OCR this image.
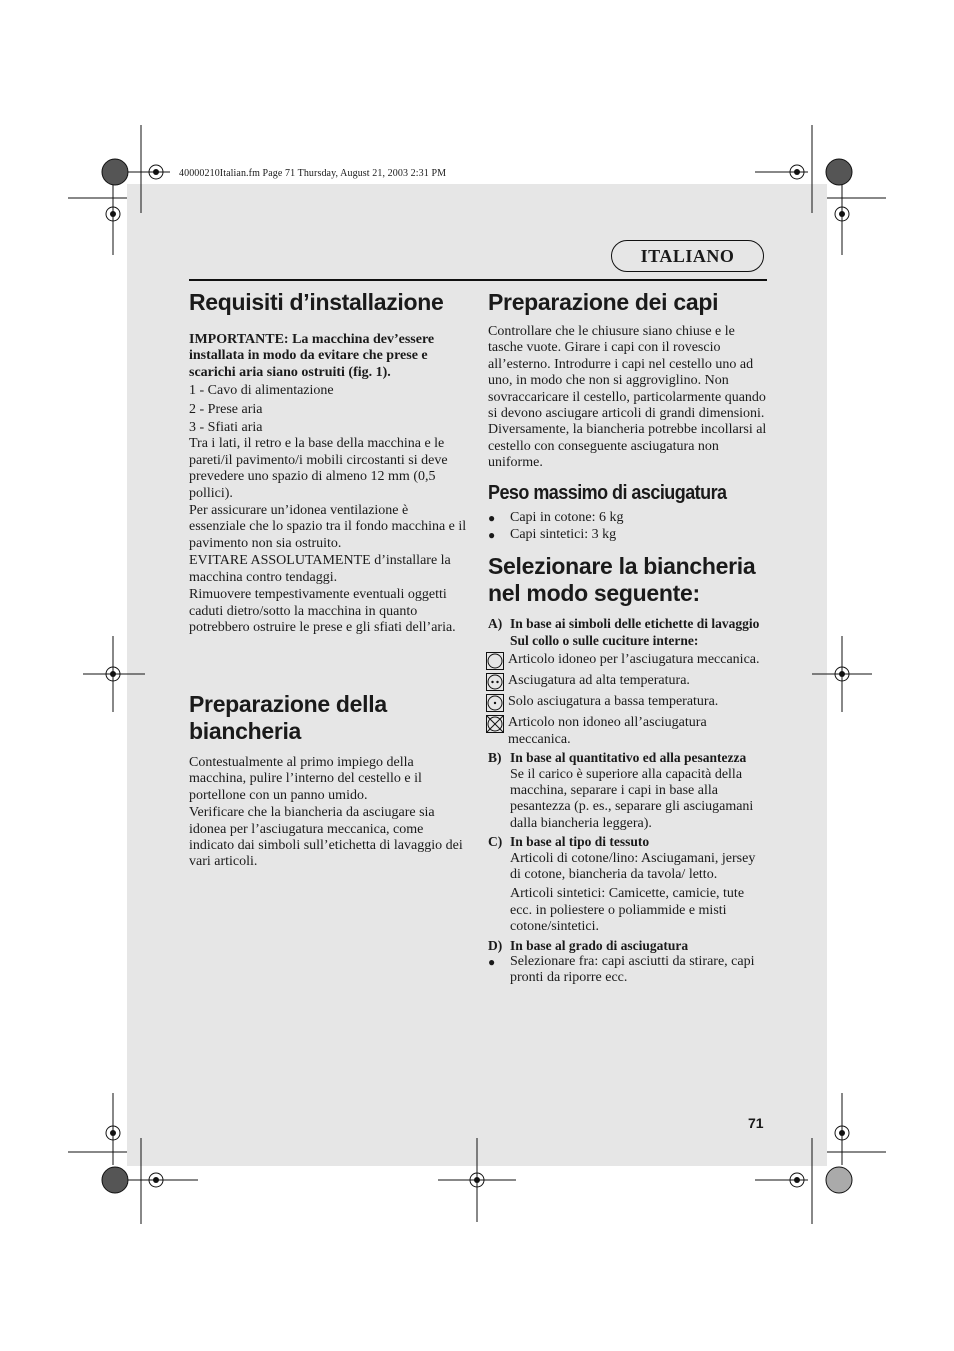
40000210Italian.fm Page 71 Thursday, August 21, 2003 2:31 PM
ITALIANO
Requisiti d’installazione

IMPORTANTE: La macchina dev’essere installata in modo da evitare che prese e scarichi aria siano ostruiti (fig. 1).

1 - Cavo di alimentazione

2 - Prese aria

3 - Sfiati aria

Tra i lati, il retro e la base della macchina e le pareti/il pavimento/i mobili circostanti si deve prevedere uno spazio di almeno 12 mm (0,5 pollici).

Per assicurare un’idonea ventilazione è essenziale che lo spazio tra il fondo macchina e il pavimento non sia ostruito.

EVITARE ASSOLUTAMENTE d’installare la macchina contro tendaggi.

Rimuovere tempestivamente eventuali oggetti caduti dietro/sotto la macchina in quanto potrebbero ostruire le prese e gli sfiati dell’aria.

Preparazione della biancheria

Contestualmente al primo impiego della macchina, pulire l’interno del cestello e il portellone con un panno umido.

Verificare che la biancheria da asciugare sia idonea per l’asciugatura meccanica, come indicato dai simboli sull’etichetta di lavaggio dei vari articoli.

Preparazione dei capi

Controllare che le chiusure siano chiuse e le tasche vuote. Girare i capi con il rovescio all’esterno. Introdurre i capi nel cestello uno ad uno, in modo che non si aggroviglino. Non sovraccaricare il cestello, particolarmente quando si devono asciugare articoli di grandi dimensioni. Diversamente, la biancheria potrebbe incollarsi al cestello con conseguente asciugatura non uniforme.

Peso massimo di asciugatura
●	Capi in cotone: 6 kg
●	Capi sintetici: 3 kg
Selezionare la biancheria nel modo seguente:
A) In base ai simboli delle etichette di lavaggio

Sul collo o sulle cuciture interne:

Articolo idoneo per l’asciugatura meccanica.
Asciugatura ad alta temperatura.
Solo asciugatura a bassa temperatura.
Articolo non idoneo all’asciugatura meccanica.
B) In base al quantitativo ed alla pesantezza

Se il carico è superiore alla capacità della macchina, separare i capi in base alla pesantezza (p. es., separare gli asciugamani dalla biancheria leggera).

C) In base al tipo di tessuto

Articoli di cotone/lino: Asciugamani, jersey di cotone, biancheria da tavola/ letto.

Articoli sintetici: Camicette, camicie, tute ecc. in poliestere o poliammide e misti cotone/sintetici.

D) In base al grado di asciugatura
●	Selezionare fra: capi asciutti da stirare, capi pronti da riporre ecc.
71
